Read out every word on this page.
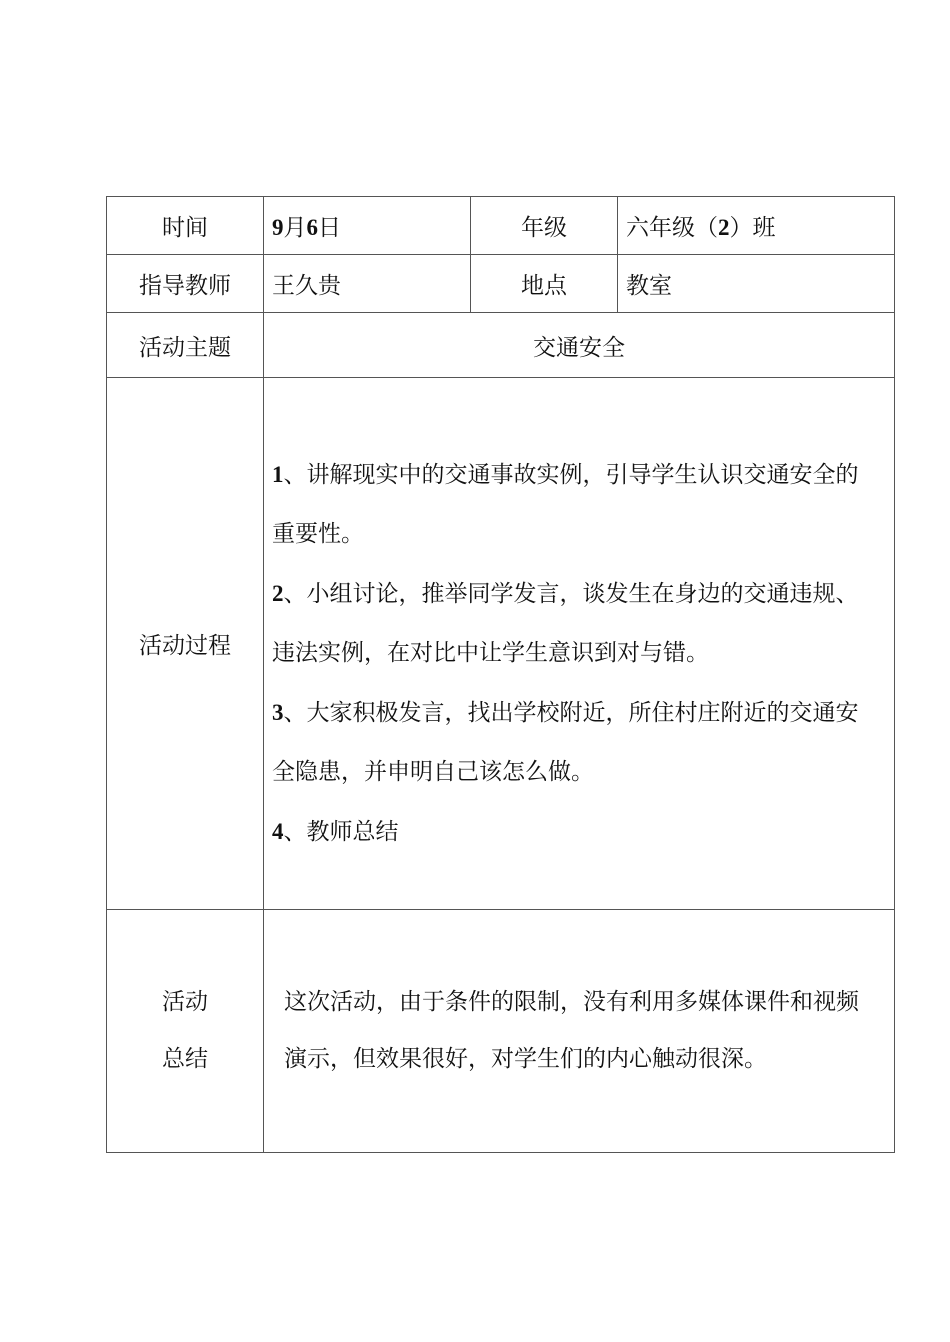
时间	9月6日	年级	六年级（2）班
指导教师	王久贵	地点	教室
活动主题	交通安全		
活动过程	1、讲解现实中的交通事故实例，引导学生认识交通安全的重要性。

2、小组讨论，推举同学发言，谈发生在身边的交通违规、违法实例，在对比中让学生意识到对与错。

3、大家积极发言，找出学校附近，所住村庄附近的交通安全隐患，并申明自己该怎么做。

4、教师总结		

活动
总结	这次活动，由于条件的限制，没有利用多媒体课件和视频演示，但效果很好，对学生们的内心触动很深。		
